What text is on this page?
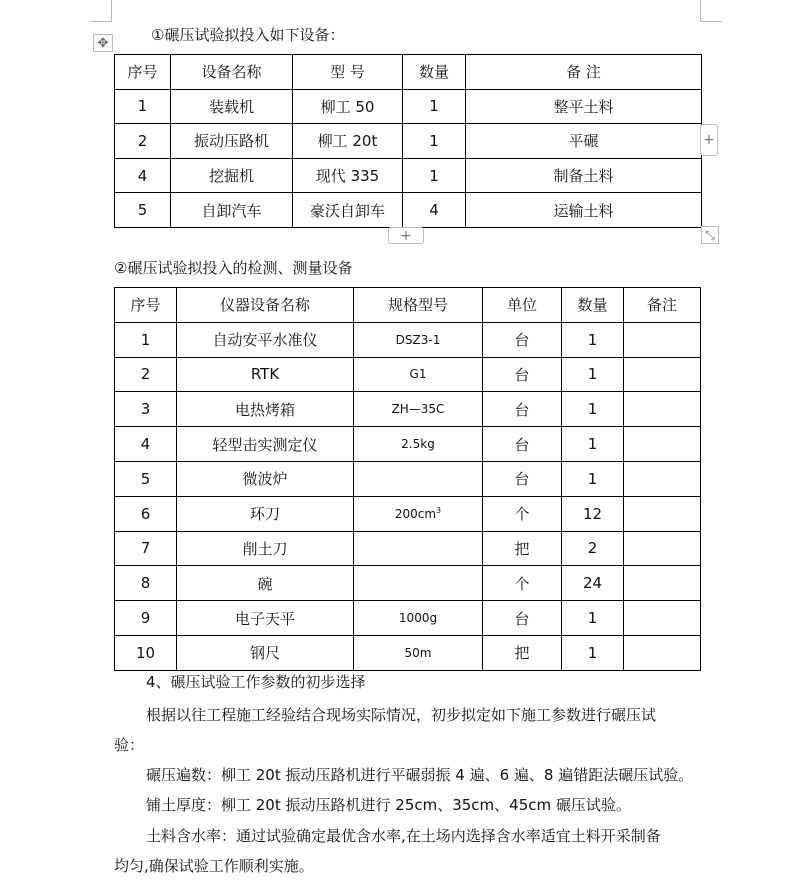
✥	①碾压试验拟投入如下设备：
序号	设备名称	型 号	数量	备 注
1	装载机	柳工 50	1	整平土料
2	振动压路机	柳工 20t	1	平碾
4	挖掘机	现代 335	1	制备土料
5	自卸汽车	豪沃自卸车	4	运输土料
+
+	⤡
②碾压试验拟投入的检测、测量设备
序号	仪器设备名称	规格型号	单位	数量	备注
1	自动安平水准仪	DSZ3-1	台	1	
2	RTK	G1	台	1	
3	电热烤箱	ZH—35C	台	1	
4	轻型击实测定仪	2.5kg	台	1	
5	微波炉		台	1	
6	环刀	$200cm^3$	个	12	
7	削土刀		把	2	
8	碗		个	24	
9	电子天平	1000g	台	1	
10	钢尺	50m	把	1	
4、碾压试验工作参数的初步选择
根据以往工程施工经验结合现场实际情况，初步拟定如下施工参数进行碾压试
验：
碾压遍数：柳工 20t 振动压路机进行平碾弱振 4 遍、6 遍、8 遍错距法碾压试验。
铺土厚度：柳工 20t 振动压路机进行 25cm、35cm、45cm 碾压试验。
土料含水率：通过试验确定最优含水率,在土场内选择含水率适宜土料开采制备
均匀,确保试验工作顺利实施。
